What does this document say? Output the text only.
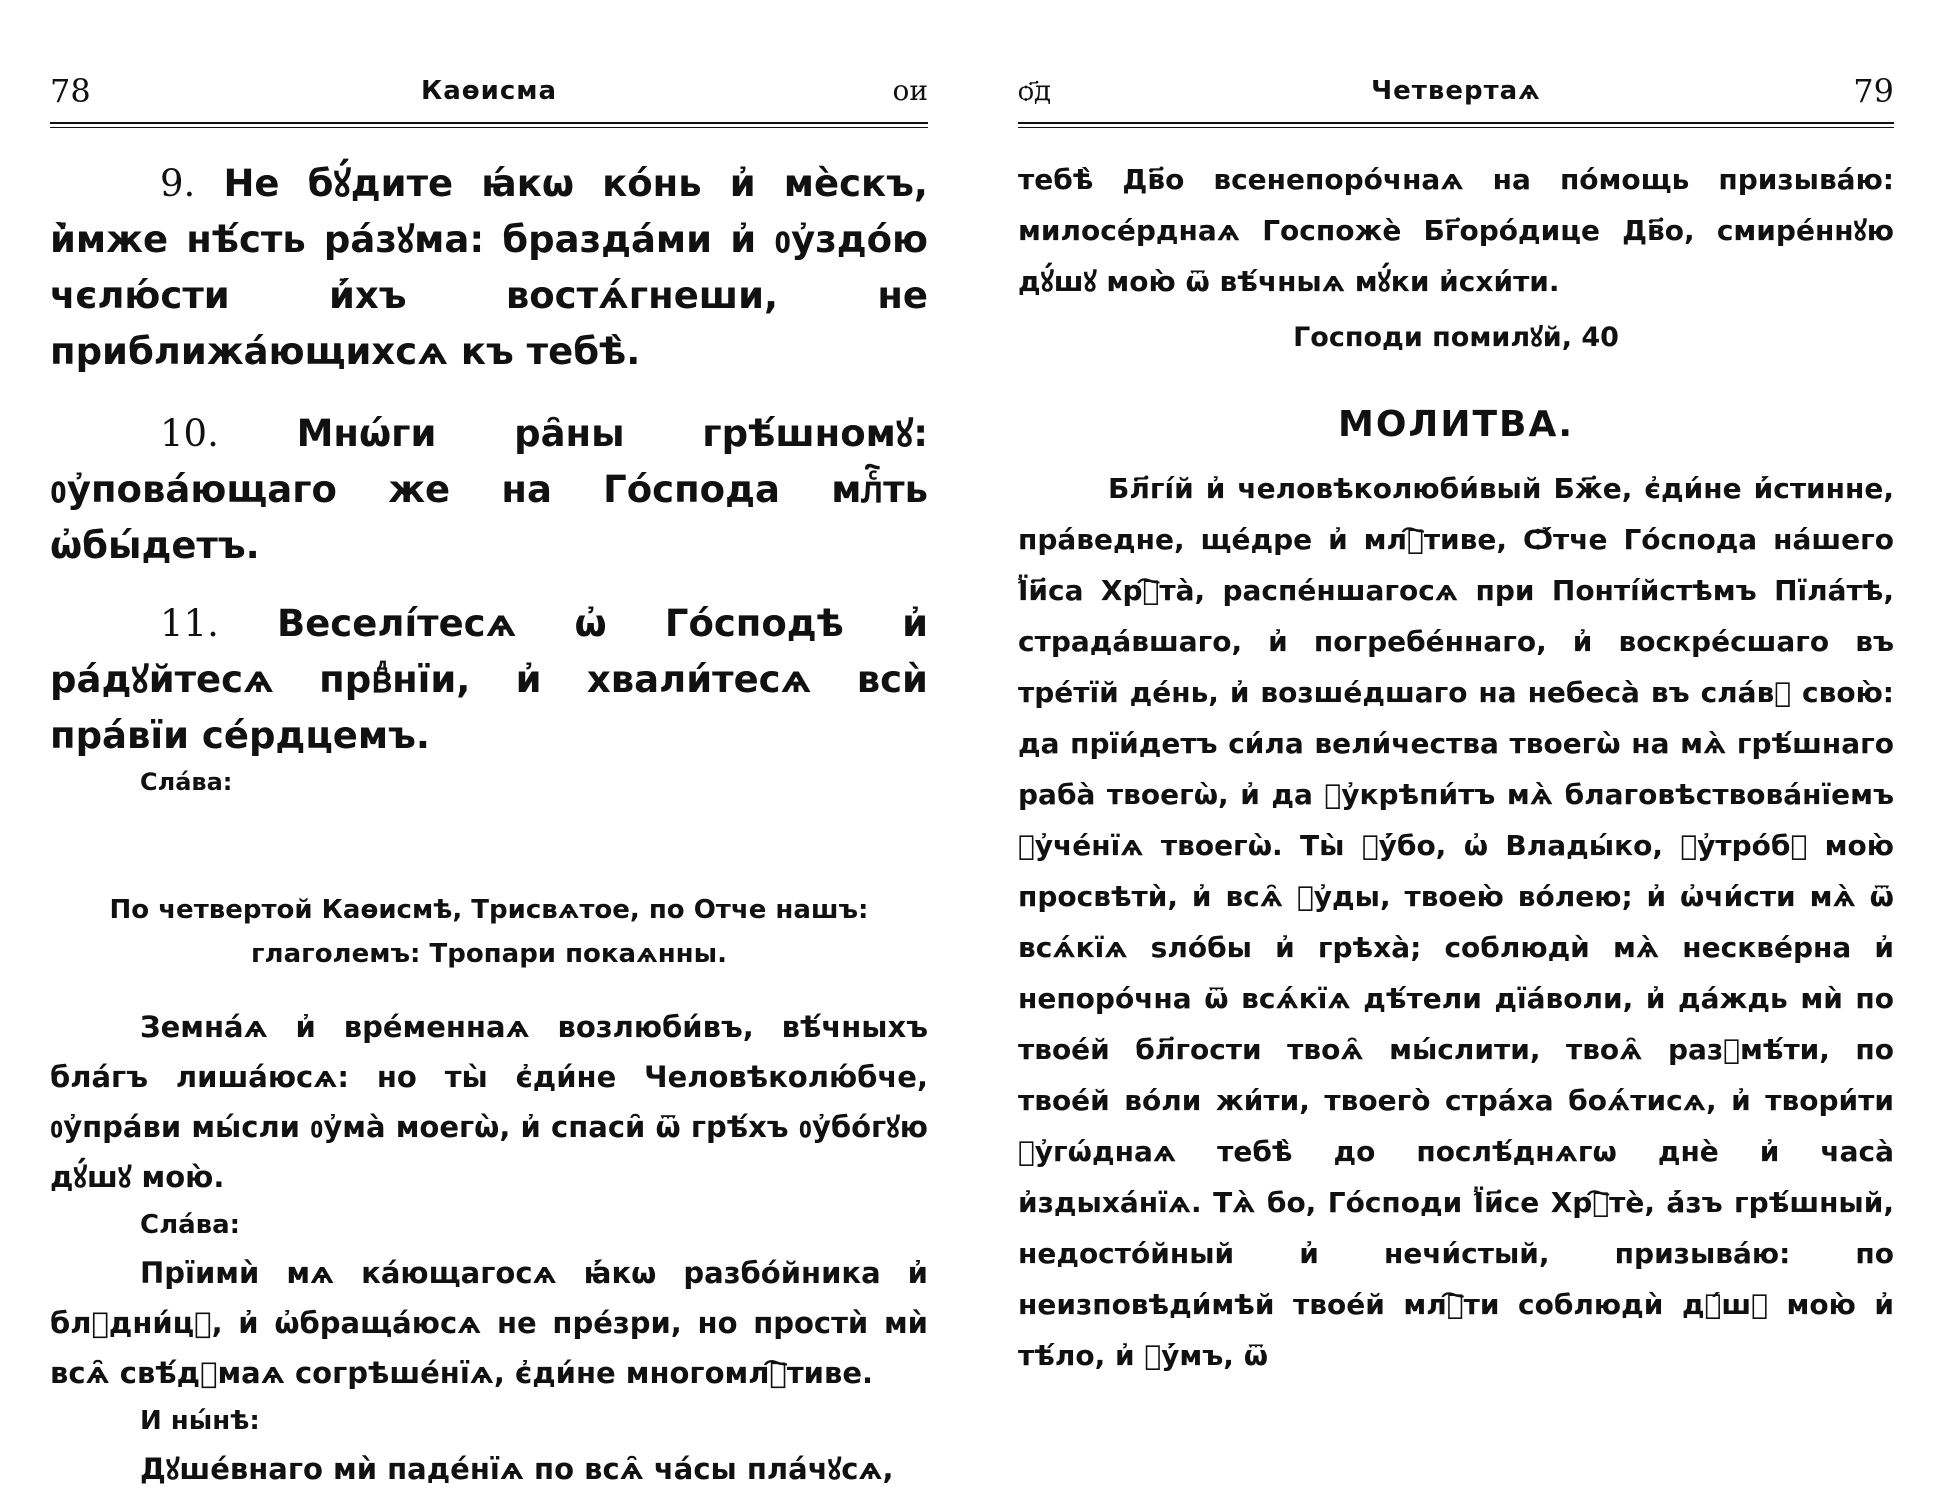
78	Каѳисма	ои

9. Не бꙋ́дите ꙗ́кѡ ко́нь и҆ мѐскъ, и҆̀мже нѣ́сть ра́зꙋма: бразда́ми и҆ ᲂу҆здо́ю чєлю́сти и҆́хъ востѧ́гнеши, не приближа́ющихсѧ къ тебѣ̀.

10. Мнѡ́ги ра̑ны грѣ́шномꙋ: ᲂу҆пова́ющаго же на Го́спода млⷭ҇ть ѡ҆бы́детъ.

11. Веселі́тесѧ ѡ҆ Го́сподѣ и҆ ра́дꙋйтесѧ првⷣнїи, и҆ хвали́тесѧ всѝ пра́вїи се́рдцемъ.

Сла́ва:

По четвертой Каѳисмѣ, Трисвѧтое, по Отче нашъ: глаголемъ: Тропари покаѧнны.

Земна́ѧ и҆ вре́меннаѧ возлюби́въ, вѣ́чныхъ бла́гъ лиша́юсѧ: но ты̀ є҆ди́не Человѣколю́бче, ᲂу҆пра́ви мы́сли ᲂу҆ма̀ моегѡ̀, и҆ спаси̑ ѿ грѣ́хъ ᲂу҆бо́гꙋю дꙋ́шꙋ мою̀.

Сла́ва:

Прїимѝ мѧ ка́ющагосѧ ꙗ҆́кѡ разбо́йника и҆ бл꙯дни́цꙋ, и҆ ѡ҆браща́юсѧ не пре́зри, но простѝ мѝ всѧ̑ свѣ́дꙋмаѧ согрѣше́нїѧ, є҆ди́не многомлⷭ҇тиве.

И ны́нѣ:

Дꙋше́внаго мѝ паде́нїѧ по всѧ̑ ча́сы пла́чꙋсѧ,

ѻ҃д	Четвертаѧ	79

тебѣ̀ Дв҃о всенепоро́чнаѧ на по́мощь призыва́ю: милосе́рднаѧ Госпожѐ Бг҃оро́дице Дв҃о, смире́ннꙋю дꙋ́шꙋ мою̀ ѿ вѣ́чныѧ мꙋ́ки и҆схи́ти.

Господи помилꙋй, 40

МОЛИТВА.

Бл҃гі́й и҆ человѣколюби́вый Бж҃е, є҆ди́не и҆́стинне, пра́ведне, ще́дре и҆ млⷭ҇тиве, Ѻ҆́тче Го́спода на́шего Ї҆и҃са Хрⷭ҇та̀, распе́ншагосѧ при Понті́йстѣмъ Пїла́тѣ, страда́вшаго, и҆ погребе́ннаго, и҆ воскре́сшаго въ тре́тїй де́нь, и҆ возше́дшаго на небеса̀ въ сла́вꙋ свою̀: да прїи́детъ си́ла вели́чества твоегѡ̀ на мѧ̀ грѣ́шнаго раба̀ твоегѡ̀, и҆ да ᲂу҆крѣпи́тъ мѧ̀ благовѣствова́нїемъ ᲂу҆че́нїѧ твоегѡ̀. Ты̀ ᲂу҆́бо, ѡ҆ Влады́ко, ᲂу҆тро́бꙋ мою̀ просвѣтѝ, и҆ всѧ̑ ᲂу҆ды, твоею̀ во́лею; и҆ ѡ҆чи́сти мѧ̀ ѿ всѧ́кїѧ ѕло́бы и҆ грѣха̀; соблюдѝ мѧ̀ нескве́рна и҆ непоро́чна ѿ всѧ́кїѧ дѣ́тели дїа́воли, и҆ да́ждь мѝ по твое́й бл҃гости твоѧ̑ мы́слити, твоѧ̑ разꙋмѣ́ти, по твое́й во́ли жи́ти, твоего̀ стра́ха боѧ́тисѧ, и҆ твори́ти ᲂу҆гѡ́днаѧ тебѣ̀ до послѣ́днѧгѡ днѐ и҆ часа̀ и҆здыха́нїѧ. Тѧ̀ бо, Го́споди Ї҆и҃се Хрⷭ҇тѐ, а҆́зъ грѣ́шный, недосто́йный и҆ нечи́стый, призыва́ю: по неизповѣди́мѣй твое́й млⷭ҇ти соблюдѝ дꙋ́шꙋ мою̀ и҆ тѣ́ло, и҆ ᲂу҆́мъ, ѿ
